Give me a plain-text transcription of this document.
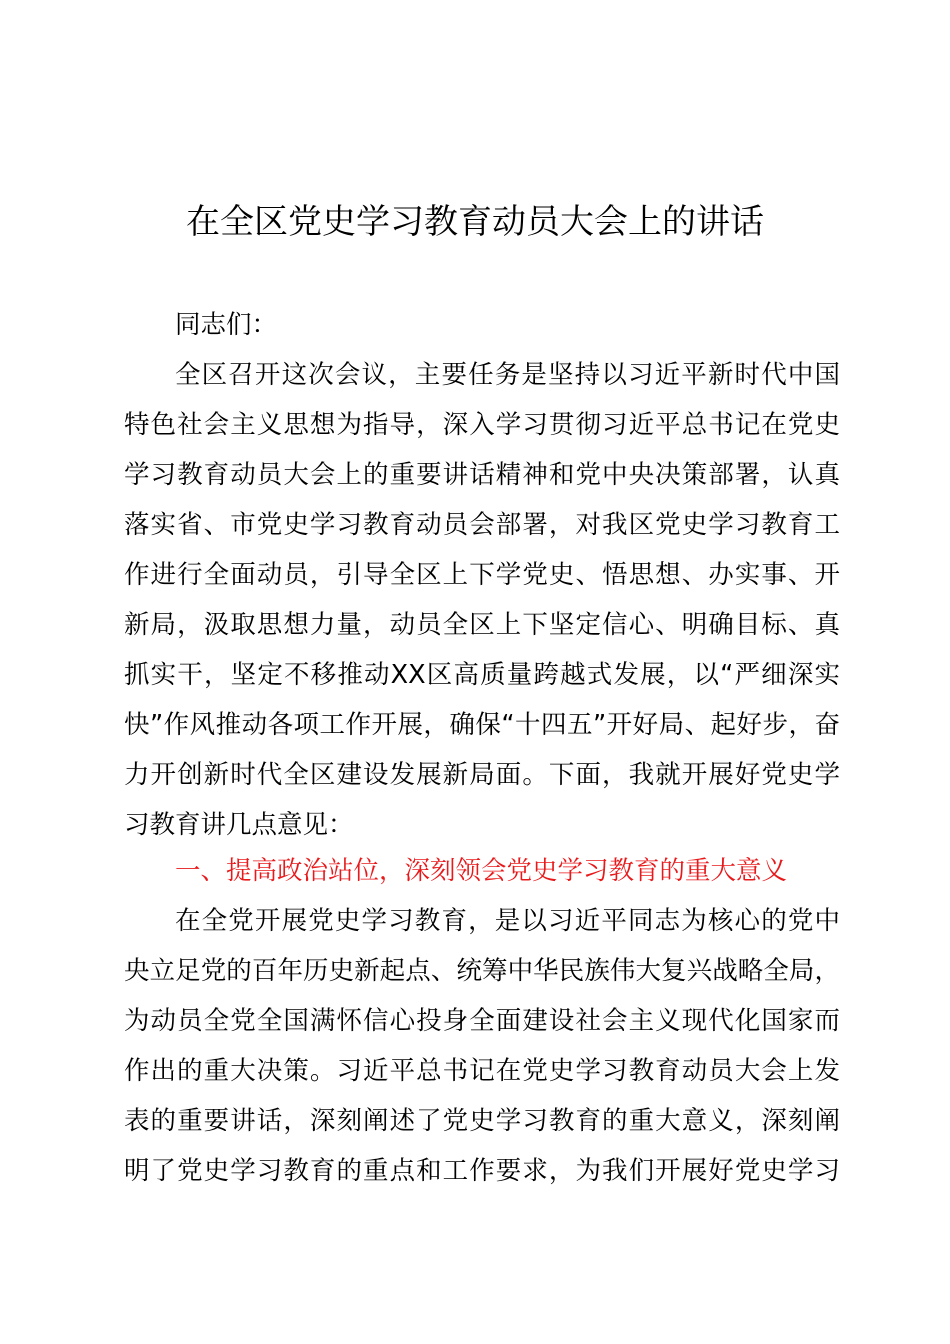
在全区党史学习教育动员大会上的讲话
同志们：
全区召开这次会议，主要任务是坚持以习近平新时代中国
特色社会主义思想为指导，深入学习贯彻习近平总书记在党史
学习教育动员大会上的重要讲话精神和党中央决策部署，认真
落实省、市党史学习教育动员会部署，对我区党史学习教育工
作进行全面动员，引导全区上下学党史、悟思想、办实事、开
新局，汲取思想力量，动员全区上下坚定信心、明确目标、真
抓实干，坚定不移推动XX区高质量跨越式发展，以“严细深实
快”作风推动各项工作开展，确保“十四五”开好局、起好步，奋
力开创新时代全区建设发展新局面。下面，我就开展好党史学
习教育讲几点意见：
一、提高政治站位，深刻领会党史学习教育的重大意义
在全党开展党史学习教育，是以习近平同志为核心的党中
央立足党的百年历史新起点、统筹中华民族伟大复兴战略全局，
为动员全党全国满怀信心投身全面建设社会主义现代化国家而
作出的重大决策。习近平总书记在党史学习教育动员大会上发
表的重要讲话，深刻阐述了党史学习教育的重大意义，深刻阐
明了党史学习教育的重点和工作要求，为我们开展好党史学习
